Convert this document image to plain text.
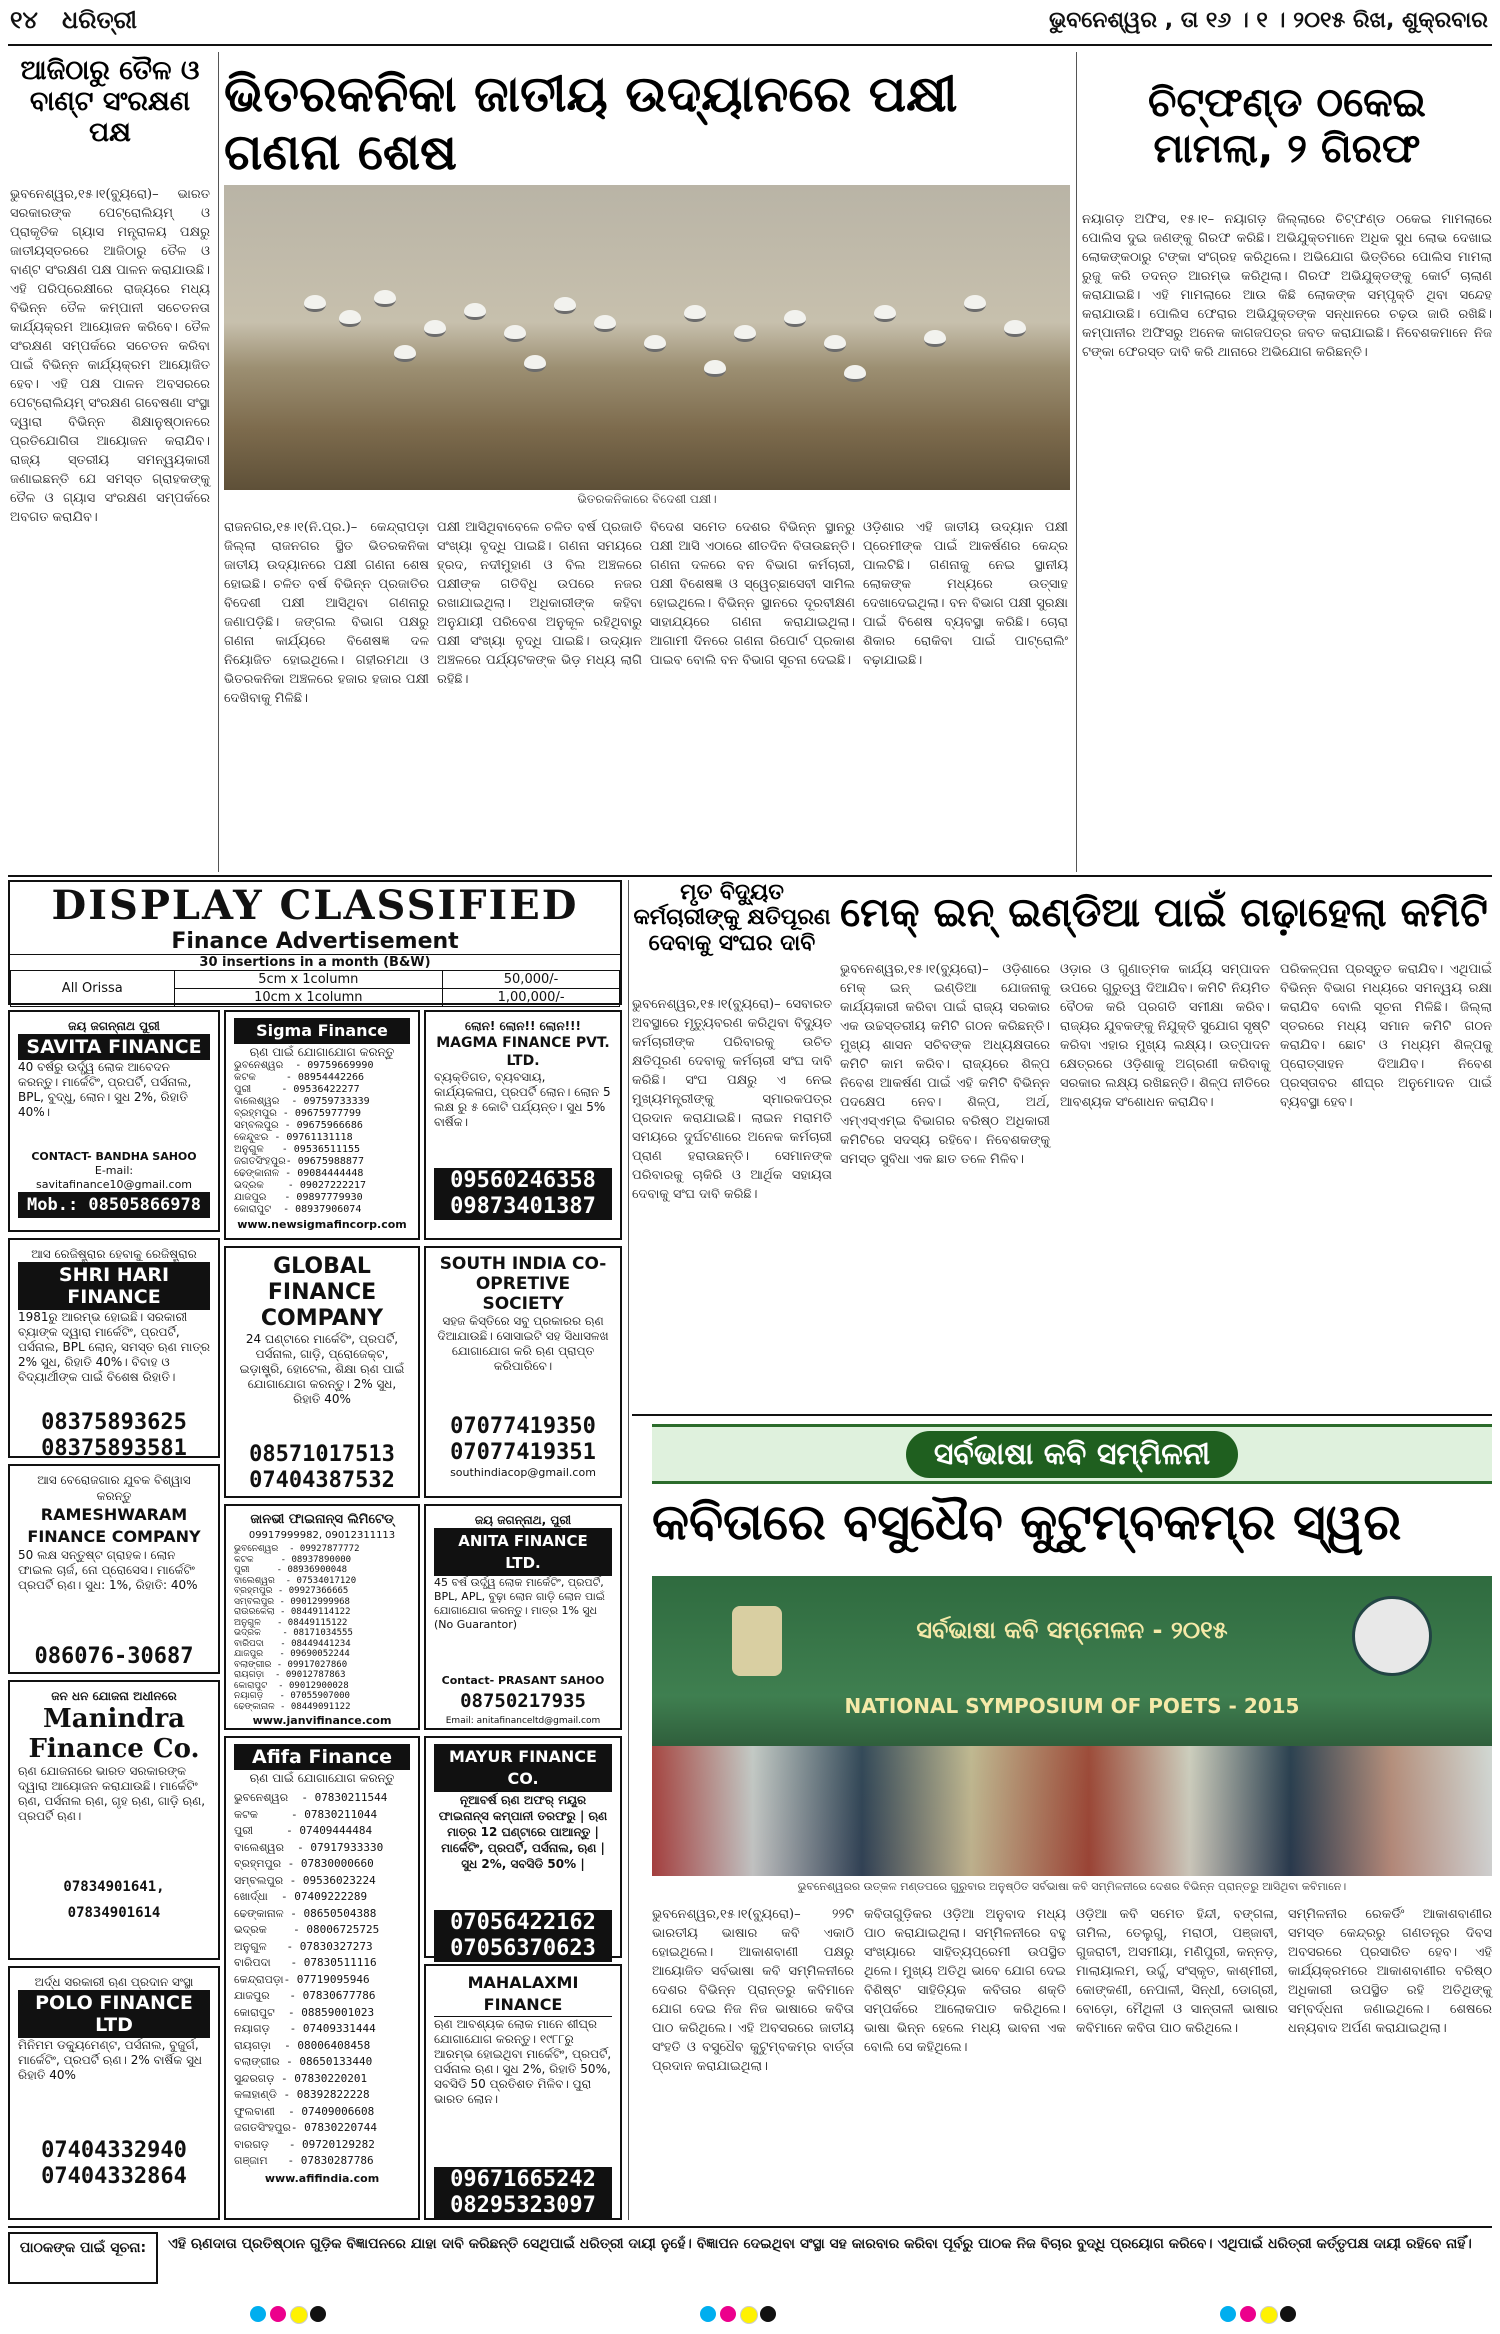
୧୪ ଧରିତ୍ରୀ	ଭୁବନେଶ୍ୱର , ତା ୧୬ । ୧ । ୨୦୧୫ ରିଖ, ଶୁକ୍ରବାର
ଆଜିଠାରୁ ତୈଳ ଓ ବାଣ୍ଟ ସଂରକ୍ଷଣ ପକ୍ଷ
ଭୁବନେଶ୍ୱର,୧୫।୧(ବ୍ୟୁରୋ)– ଭାରତ ସରକାରଙ୍କ ପେଟ୍ରୋଲିୟମ୍ ଓ ପ୍ରାକୃତିକ ଗ୍ୟାସ ମନ୍ତ୍ରାଳୟ ପକ୍ଷରୁ ଜାତୀୟସ୍ତରରେ ଆଜିଠାରୁ ତୈଳ ଓ ବାଣ୍ଟ ସଂରକ୍ଷଣ ପକ୍ଷ ପାଳନ କରାଯାଉଛି। ଏହି ପରିପ୍ରେକ୍ଷୀରେ ରାଜ୍ୟରେ ମଧ୍ୟ ବିଭିନ୍ନ ତୈଳ କମ୍ପାନୀ ସଚେତନତା କାର୍ଯ୍ୟକ୍ରମ ଆୟୋଜନ କରିବେ। ତୈଳ ସଂରକ୍ଷଣ ସମ୍ପର୍କରେ ସଚେତନ କରିବା ପାଇଁ ବିଭିନ୍ନ କାର୍ଯ୍ୟକ୍ରମ ଆୟୋଜିତ ହେବ। ଏହି ପକ୍ଷ ପାଳନ ଅବସରରେ ପେଟ୍ରୋଲିୟମ୍ ସଂରକ୍ଷଣ ଗବେଷଣା ସଂସ୍ଥା ଦ୍ୱାରା ବିଭିନ୍ନ ଶିକ୍ଷାନୁଷ୍ଠାନରେ ପ୍ରତିଯୋଗିତା ଆୟୋଜନ କରାଯିବ। ରାଜ୍ୟ ସ୍ତରୀୟ ସମନ୍ୱୟକାରୀ ଜଣାଇଛନ୍ତି ଯେ ସମସ୍ତ ଗ୍ରାହକଙ୍କୁ ତୈଳ ଓ ଗ୍ୟାସ ସଂରକ୍ଷଣ ସମ୍ପର୍କରେ ଅବଗତ କରାଯିବ।
ଭିତରକନିକା ଜାତୀୟ ଉଦ୍ୟାନରେ ପକ୍ଷୀ ଗଣନା ଶେଷ
ଭିତରକନିକାରେ ବିଦେଶୀ ପକ୍ଷୀ।
ରାଜନଗର,୧୫।୧(ନି.ପ୍ର.)– କେନ୍ଦ୍ରାପଡ଼ା ଜିଲ୍ଲା ରାଜନଗର ସ୍ଥିତ ଭିତରକନିକା ଜାତୀୟ ଉଦ୍ୟାନରେ ପକ୍ଷୀ ଗଣନା ଶେଷ ହୋଇଛି। ଚଳିତ ବର୍ଷ ବିଭିନ୍ନ ପ୍ରଜାତିର ବିଦେଶୀ ପକ୍ଷୀ ଆସିଥିବା ଗଣନାରୁ ଜଣାପଡ଼ିଛି। ଜଙ୍ଗଲ ବିଭାଗ ପକ୍ଷରୁ ଗଣନା କାର୍ଯ୍ୟରେ ବିଶେଷଜ୍ଞ ଦଳ ନିୟୋଜିତ ହୋଇଥିଲେ। ଗହୀରମଥା ଓ ଭିତରକନିକା ଅଞ୍ଚଳରେ ହଜାର ହଜାର ପକ୍ଷୀ ଦେଖିବାକୁ ମିଳିଛି।
ପକ୍ଷୀ ଆସିଥିବାବେଳେ ଚଳିତ ବର୍ଷ ପ୍ରଜାତି ସଂଖ୍ୟା ବୃଦ୍ଧି ପାଇଛି। ଗଣନା ସମୟରେ ହ୍ରଦ, ନଦୀମୁହାଣ ଓ ବିଲ ଅଞ୍ଚଳରେ ପକ୍ଷୀଙ୍କ ଗତିବିଧି ଉପରେ ନଜର ରଖାଯାଇଥିଲା। ଅଧିକାରୀଙ୍କ କହିବା ଅନୁଯାୟୀ ପରିବେଶ ଅନୁକୂଳ ରହିଥିବାରୁ ପକ୍ଷୀ ସଂଖ୍ୟା ବୃଦ୍ଧି ପାଇଛି। ଉଦ୍ୟାନ ଅଞ୍ଚଳରେ ପର୍ଯ୍ୟଟକଙ୍କ ଭିଡ଼ ମଧ୍ୟ ଲାଗି ରହିଛି।
ବିଦେଶ ସମେତ ଦେଶର ବିଭିନ୍ନ ସ୍ଥାନରୁ ପକ୍ଷୀ ଆସି ଏଠାରେ ଶୀତଦିନ ବିତାଉଛନ୍ତି। ଗଣନା ଦଳରେ ବନ ବିଭାଗ କର୍ମଚାରୀ, ପକ୍ଷୀ ବିଶେଷଜ୍ଞ ଓ ସ୍ୱେଚ୍ଛାସେବୀ ସାମିଲ ହୋଇଥିଲେ। ବିଭିନ୍ନ ସ୍ଥାନରେ ଦୂରବୀକ୍ଷଣ ସାହାଯ୍ୟରେ ଗଣନା କରାଯାଇଥିଲା। ଆଗାମୀ ଦିନରେ ଗଣନା ରିପୋର୍ଟ ପ୍ରକାଶ ପାଇବ ବୋଲି ବନ ବିଭାଗ ସୂଚନା ଦେଇଛି।
ଓଡ଼ିଶାର ଏହି ଜାତୀୟ ଉଦ୍ୟାନ ପକ୍ଷୀ ପ୍ରେମୀଙ୍କ ପାଇଁ ଆକର୍ଷଣର କେନ୍ଦ୍ର ପାଲଟିଛି। ଗଣନାକୁ ନେଇ ସ୍ଥାନୀୟ ଲୋକଙ୍କ ମଧ୍ୟରେ ଉତ୍ସାହ ଦେଖାଦେଇଥିଲା। ବନ ବିଭାଗ ପକ୍ଷୀ ସୁରକ୍ଷା ପାଇଁ ବିଶେଷ ବ୍ୟବସ୍ଥା କରିଛି। ଚୋରା ଶିକାର ରୋକିବା ପାଇଁ ପାଟ୍ରୋଲିଂ ବଢ଼ାଯାଇଛି।
ଚିଟ୍‌ଫଣ୍ଡ ଠକେଇ ମାମଲା, ୨ ଗିରଫ
ନୟାଗଡ଼ ଅଫିସ, ୧୫।୧– ନୟାଗଡ଼ ଜିଲ୍ଲାରେ ଚିଟ୍‌ଫଣ୍ଡ ଠକେଇ ମାମଲାରେ ପୋଲିସ ଦୁଇ ଜଣଙ୍କୁ ଗିରଫ କରିଛି। ଅଭିଯୁକ୍ତମାନେ ଅଧିକ ସୁଧ ଲୋଭ ଦେଖାଇ ଲୋକଙ୍କଠାରୁ ଟଙ୍କା ସଂଗ୍ରହ କରିଥିଲେ। ଅଭିଯୋଗ ଭିତ୍ତିରେ ପୋଲିସ ମାମଲା ରୁଜୁ କରି ତଦନ୍ତ ଆରମ୍ଭ କରିଥିଲା। ଗିରଫ ଅଭିଯୁକ୍ତଙ୍କୁ କୋର୍ଟ ଚାଲାଣ କରାଯାଇଛି। ଏହି ମାମଲାରେ ଆଉ କିଛି ଲୋକଙ୍କ ସମ୍ପୃକ୍ତି ଥିବା ସନ୍ଦେହ କରାଯାଉଛି। ପୋଲିସ ଫେରାର ଅଭିଯୁକ୍ତଙ୍କ ସନ୍ଧାନରେ ଚଢ଼ଉ ଜାରି ରଖିଛି। କମ୍ପାନୀର ଅଫିସରୁ ଅନେକ କାଗଜପତ୍ର ଜବତ କରାଯାଇଛି। ନିବେଶକମାନେ ନିଜ ଟଙ୍କା ଫେରସ୍ତ ଦାବି କରି ଥାନାରେ ଅଭିଯୋଗ କରିଛନ୍ତି।
DISPLAY CLASSIFIED
Finance Advertisement
30 insertions in a month (B&W)
All Orissa	5cm x 1column	50,000/-
	10cm x 1column	1,00,000/-
ମୃତ ବିଦ୍ୟୁତ କର୍ମଚାରୀଙ୍କୁ କ୍ଷତିପୂରଣ ଦେବାକୁ ସଂଘର ଦାବି
ଭୁବନେଶ୍ୱର,୧୫।୧(ବ୍ୟୁରୋ)– ସେବାରତ ଅବସ୍ଥାରେ ମୃତ୍ୟୁବରଣ କରିଥିବା ବିଦ୍ୟୁତ କର୍ମଚାରୀଙ୍କ ପରିବାରକୁ ଉଚିତ କ୍ଷତିପୂରଣ ଦେବାକୁ କର୍ମଚାରୀ ସଂଘ ଦାବି କରିଛି। ସଂଘ ପକ୍ଷରୁ ଏ ନେଇ ମୁଖ୍ୟମନ୍ତ୍ରୀଙ୍କୁ ସ୍ମାରକପତ୍ର ପ୍ରଦାନ କରାଯାଇଛି। ଲାଇନ ମରାମତି ସମୟରେ ଦୁର୍ଘଟଣାରେ ଅନେକ କର୍ମଚାରୀ ପ୍ରାଣ ହରାଉଛନ୍ତି। ସେମାନଙ୍କ ପରିବାରକୁ ଚାକିରି ଓ ଆର୍ଥିକ ସହାୟତା ଦେବାକୁ ସଂଘ ଦାବି କରିଛି।
ମେକ୍ ଇନ୍ ଇଣ୍ଡିଆ ପାଇଁ ଗଢ଼ାହେଲା କମିଟି
ଭୁବନେଶ୍ୱର,୧୫।୧(ବ୍ୟୁରୋ)– ଓଡ଼ିଶାରେ ମେକ୍ ଇନ୍ ଇଣ୍ଡିଆ ଯୋଜନାକୁ କାର୍ଯ୍ୟକାରୀ କରିବା ପାଇଁ ରାଜ୍ୟ ସରକାର ଏକ ଉଚ୍ଚସ୍ତରୀୟ କମିଟି ଗଠନ କରିଛନ୍ତି। ମୁଖ୍ୟ ଶାସନ ସଚିବଙ୍କ ଅଧ୍ୟକ୍ଷତାରେ କମିଟି କାମ କରିବ। ରାଜ୍ୟରେ ଶିଳ୍ପ ନିବେଶ ଆକର୍ଷଣ ପାଇଁ ଏହି କମିଟି ବିଭିନ୍ନ ପଦକ୍ଷେପ ନେବ। ଶିଳ୍ପ, ଅର୍ଥ, ଏମ୍‌ଏସ୍‌ଏମ୍‌ଇ ବିଭାଗର ବରିଷ୍ଠ ଅଧିକାରୀ କମିଟିରେ ସଦସ୍ୟ ରହିବେ। ନିବେଶକଙ୍କୁ ସମସ୍ତ ସୁବିଧା ଏକ ଛାତ ତଳେ ମିଳିବ।
ଓଡ଼ାର ଓ ଗୁଣାତ୍ମକ କାର୍ଯ୍ୟ ସମ୍ପାଦନ ଉପରେ ଗୁରୁତ୍ୱ ଦିଆଯିବ। କମିଟି ନିୟମିତ ବୈଠକ କରି ପ୍ରଗତି ସମୀକ୍ଷା କରିବ। ରାଜ୍ୟର ଯୁବକଙ୍କୁ ନିଯୁକ୍ତି ସୁଯୋଗ ସୃଷ୍ଟି କରିବା ଏହାର ମୁଖ୍ୟ ଲକ୍ଷ୍ୟ। ଉତ୍ପାଦନ କ୍ଷେତ୍ରରେ ଓଡ଼ିଶାକୁ ଅଗ୍ରଣୀ କରିବାକୁ ସରକାର ଲକ୍ଷ୍ୟ ରଖିଛନ୍ତି। ଶିଳ୍ପ ନୀତିରେ ଆବଶ୍ୟକ ସଂଶୋଧନ କରାଯିବ।
ପରିକଳ୍ପନା ପ୍ରସ୍ତୁତ କରାଯିବ। ଏଥିପାଇଁ ବିଭିନ୍ନ ବିଭାଗ ମଧ୍ୟରେ ସମନ୍ୱୟ ରକ୍ଷା କରାଯିବ ବୋଲି ସୂଚନା ମିଳିଛି। ଜିଲ୍ଲା ସ୍ତରରେ ମଧ୍ୟ ସମାନ କମିଟି ଗଠନ କରାଯିବ। ଛୋଟ ଓ ମଧ୍ୟମ ଶିଳ୍ପକୁ ପ୍ରୋତ୍ସାହନ ଦିଆଯିବ। ନିବେଶ ପ୍ରସ୍ତାବର ଶୀଘ୍ର ଅନୁମୋଦନ ପାଇଁ ବ୍ୟବସ୍ଥା ହେବ।
ଜୟ ଜଗନ୍ନାଥ ପୁରୀ
SAVITA FINANCE
40 ବର୍ଷରୁ ଉର୍ଦ୍ଧ୍ୱ ଲୋକ ଆବେଦନ କରନ୍ତୁ। ମାର୍କେଟିଂ, ପ୍ରପର୍ଟି, ପର୍ସନାଲ, BPL, ବୁଦ୍ଧୁ, ଲୋନ। ସୁଧ 2%, ରିହାତି 40%।
CONTACT- BANDHA SAHOO
E-mail: savitafinance10@gmail.com
Mob.: 08505866978
ଆସ ରେଜିଷ୍ଟ୍ରାର ହେବାକୁ ରେଜିଷ୍ଟ୍ରାର
SHRI HARI FINANCE
1981ରୁ ଆରମ୍ଭ ହୋଇଛି। ସରକାରୀ ବ୍ୟାଙ୍କ ଦ୍ୱାରା ମାର୍କେଟିଂ, ପ୍ରପର୍ଟି, ପର୍ସନାଲ, BPL ଲୋନ୍, ସମସ୍ତ ଋଣ ମାତ୍ର 2% ସୁଧ, ରିହାତି 40%। ବିବାହ ଓ ବିଦ୍ୟାର୍ଥୀଙ୍କ ପାଇଁ ବିଶେଷ ରିହାତି।
08375893625
08375893581
ଆସ ବେରୋଜଗାର ଯୁବକ ବିଶ୍ୱାସ କରନ୍ତୁ
RAMESHWARAM FINANCE COMPANY
50 ଲକ୍ଷ ସନ୍ତୁଷ୍ଟ ଗ୍ରାହକ। ଲୋନ ଫାଇଲ ଚାର୍ଜ, ନୋ ପ୍ରୋସେସ। ମାର୍କେଟିଂ ପ୍ରପର୍ଟି ଋଣ। ସୁଧ: 1%, ରିହାତି: 40%
086076-30687
ଜନ ଧନ ଯୋଜନା ଅଧୀନରେ
Manindra Finance Co.
ଋଣ ଯୋଜନାରେ ଭାରତ ସରକାରଙ୍କ ଦ୍ୱାରା ଆୟୋଜନ କରାଯାଉଛି। ମାର୍କେଟିଂ ଋଣ, ପର୍ସନାଲ ଋଣ, ଗୃହ ଋଣ, ଗାଡ଼ି ଋଣ, ପ୍ରପର୍ଟି ଋଣ।
07834901641, 07834901614
ଅର୍ଦ୍ଧ ସରକାରୀ ଋଣ ପ୍ରଦାନ ସଂସ୍ଥା
POLO FINANCE LTD
ମିନିମମ ଡକ୍ୟୁମେଣ୍ଟ, ପର୍ସନାଲ, ବୁଜୁର୍ଗ, ମାର୍କେଟିଂ, ପ୍ରପର୍ଟି ଋଣ। 2% ବାର୍ଷିକ ସୁଧ ରିହାତି 40%
07404332940
07404332864
Sigma Finance
ଋଣ ପାଇଁ ଯୋଗାଯୋଗ କରନ୍ତୁ
ଭୁବନେଶ୍ୱର  - 09759669990
କଟକ     - 08954442266
ପୁରୀ     - 09536422277
ବାଲେଶ୍ୱର  - 09759733339
ବ୍ରହ୍ମପୁର - 09675977799
ସମ୍ବଲପୁର - 09675966686
କେନ୍ଦୁଝର - 09761131118
ଅନୁଗୁଳ   - 09536511155
ଜଗତସିଂହପୁର- 09675988877
ଢେଙ୍କାନାଳ - 09084444448
ଭଦ୍ରକ    - 09027222217
ଯାଜପୁର   - 09897779930
କୋରାପୁଟ  - 08937906074
www.newsigmafincorp.com
GLOBAL FINANCE COMPANY
24 ଘଣ୍ଟାରେ ମାର୍କେଟିଂ, ପ୍ରପର୍ଟି, ପର୍ସନାଲ, ଗାଡ଼ି, ପ୍ରୋଜେକ୍ଟ, ଇଡ଼ାଷ୍ଟ୍ରି, ହୋଟେଲ, ଶିକ୍ଷା ଋଣ ପାଇଁ ଯୋଗାଯୋଗ କରନ୍ତୁ। 2% ସୁଧ, ରିହାତି 40%
08571017513
07404387532
ଜାନଭୀ ଫାଇନାନ୍ସ ଲିମିଟେଡ୍
09917999982, 09012311113
ଭୁବନେଶ୍ୱର  - 09927877772
କଟକ     - 08937890000
ପୁରୀ     - 08936900048
ବାଲେଶ୍ୱର  - 07534017120
ବ୍ରହ୍ମପୁର - 09927366665
ସମ୍ବଲପୁର - 09012999968
ରାଉରକେଲା - 08449114122
ଅନୁଗୁଳ   - 08449115122
ଭଦ୍ରକ    - 08171034555
ବାରିପଦା   - 08449441234
ଯାଜପୁର   - 09690052244
ବଲାଙ୍ଗୀର - 09917027860
ରାୟଗଡ଼ା  - 09012787863
କୋରାପୁଟ  - 09012900028
ନୟାଗଡ଼   - 07055907000
ଢେଙ୍କାନାଳ - 08449091122
www.janvifinance.com
Afifa Finance
ଋଣ ପାଇଁ ଯୋଗାଯୋଗ କରନ୍ତୁ
ଭୁବନେଶ୍ୱର  - 07830211544
କଟକ     - 07830211044
ପୁରୀ     - 07409444484
ବାଲେଶ୍ୱର  - 07917933330
ବ୍ରହ୍ମପୁର - 07830000660
ସମ୍ବଲପୁର - 09536023224
ଖୋର୍ଦ୍ଧା  - 07409222289
ଢେଙ୍କାନାଳ - 08650504388
ଭଦ୍ରକ    - 08006725725
ଅନୁଗୁଳ   - 07830327273
ବାରିପଦା   - 07830511116
କେନ୍ଦ୍ରାପଡ଼ା- 07719095946
ଯାଜପୁର   - 07830677786
କୋରାପୁଟ  - 08859001023
ନୟାଗଡ଼   - 07409331444
ରାୟଗଡ଼ା  - 08006408458
ବଲାଙ୍ଗୀର - 08650133440
ସୁନ୍ଦରଗଡ଼ - 07830220201
କଳାହାଣ୍ଡି - 08392822228
ଫୁଲବାଣୀ  - 07409006608
ଜଗତସିଂହପୁର- 07830220744
ବାରଗଡ଼   - 09720129282
ଗଞ୍ଜାମ   - 07830287786
www.afifindia.com
ଲୋନ! ଲୋନ!! ଲୋନ!!!
MAGMA FINANCE PVT. LTD.
ବ୍ୟକ୍ତିଗତ, ବ୍ୟବସାୟ, କାର୍ଯ୍ୟକଳାପ, ପ୍ରପର୍ଟି ଲୋନ। ଲୋନ 5 ଲକ୍ଷ ରୁ ୫ କୋଟି ପର୍ଯ୍ୟନ୍ତ। ସୁଧ 5% ବାର୍ଷିକ।
09560246358
09873401387
SOUTH INDIA CO-OPRETIVE SOCIETY
ସହଜ କିସ୍ତିରେ ସବୁ ପ୍ରକାରର ଋଣ ଦିଆଯାଉଛି। ସୋସାଇଟି ସହ ସିଧାସଳଖ ଯୋଗାଯୋଗ କରି ଋଣ ପ୍ରାପ୍ତ କରିପାରିବେ।
07077419350
07077419351
southindiacop@gmail.com
ଜୟ ଜଗନ୍ନାଥ, ପୁରୀ
ANITA FINANCE LTD.
45 ବର୍ଷ ଉର୍ଦ୍ଧ୍ୱ ଲୋକ ମାର୍କେଟିଂ, ପ୍ରପର୍ଟି, BPL, APL, ବୁଢ଼ା ଲୋନ ଗାଡ଼ି ଲୋନ ପାଇଁ ଯୋଗାଯୋଗ କରନ୍ତୁ। ମାତ୍ର 1% ସୁଧ (No Guarantor)
Contact- PRASANT SAHOO
08750217935
Email: anitafinanceltd@gmail.com
MAYUR FINANCE CO.
ନୂଆବର୍ଷ ଋଣ ଅଫର୍ ମୟୂର ଫାଇନାନ୍ସ କମ୍ପାନୀ ତରଫରୁ | ଋଣ ମାତ୍ର 12 ଘଣ୍ଟାରେ ପାଆନ୍ତୁ | ମାର୍କେଟିଂ, ପ୍ରପର୍ଟି, ପର୍ସନାଲ, ଋଣ | ସୁଧ 2%, ସବସିଡି 50% |
07056422162
07056370623
MAHALAXMI FINANCE
ଋଣ ଆବଶ୍ୟକ ଲୋକ ମାନେ ଶୀଘ୍ର ଯୋଗାଯୋଗ କରନ୍ତୁ। ୧୯୮୮ରୁ ଆରମ୍ଭ ହୋଇଥିବା ମାର୍କେଟିଂ, ପ୍ରପର୍ଟି, ପର୍ସନାଲ ଋଣ। ସୁଧ 2%, ରିହାତି 50%, ସବସିଡି 50 ପ୍ରତିଶତ ମିଳିବ। ପୁରା ଭାରତ ଲୋନ।
09671665242
08295323097
ସର୍ବଭାଷା କବି ସମ୍ମିଳନୀ
କବିତାରେ ବସୁଧୈବ କୁଟୁମ୍ବକମ୍‌ର ସ୍ୱର
ସର୍ବଭାଷା କବି ସମ୍ମେଳନ - ୨୦୧୫
NATIONAL SYMPOSIUM OF POETS - 2015
ଭୁବନେଶ୍ୱରର ଉତ୍କଳ ମଣ୍ଡପରେ ଗୁରୁବାର ଅନୁଷ୍ଠିତ ସର୍ବଭାଷା କବି ସମ୍ମିଳନୀରେ ଦେଶର ବିଭିନ୍ନ ପ୍ରାନ୍ତରୁ ଆସିଥିବା କବିମାନେ।
ଭୁବନେଶ୍ୱର,୧୫।୧(ବ୍ୟୁରୋ)– ୨୨ଟି ଭାରତୀୟ ଭାଷାର କବି ଏକାଠି ହୋଇଥିଲେ। ଆକାଶବାଣୀ ପକ୍ଷରୁ ଆୟୋଜିତ ସର୍ବଭାଷା କବି ସମ୍ମିଳନୀରେ ଦେଶର ବିଭିନ୍ନ ପ୍ରାନ୍ତରୁ କବିମାନେ ଯୋଗ ଦେଇ ନିଜ ନିଜ ଭାଷାରେ କବିତା ପାଠ କରିଥିଲେ। ଏହି ଅବସରରେ ଜାତୀୟ ସଂହତି ଓ ବସୁଧୈବ କୁଟୁମ୍ବକମ୍‌ର ବାର୍ତ୍ତା ପ୍ରଦାନ କରାଯାଇଥିଲା।
କବିତାଗୁଡ଼ିକର ଓଡ଼ିଆ ଅନୁବାଦ ମଧ୍ୟ ପାଠ କରାଯାଇଥିଲା। ସମ୍ମିଳନୀରେ ବହୁ ସଂଖ୍ୟାରେ ସାହିତ୍ୟପ୍ରେମୀ ଉପସ୍ଥିତ ଥିଲେ। ମୁଖ୍ୟ ଅତିଥି ଭାବେ ଯୋଗ ଦେଇ ବିଶିଷ୍ଟ ସାହିତ୍ୟିକ କବିତାର ଶକ୍ତି ସମ୍ପର୍କରେ ଆଲୋକପାତ କରିଥିଲେ। ଭାଷା ଭିନ୍ନ ହେଲେ ମଧ୍ୟ ଭାବନା ଏକ ବୋଲି ସେ କହିଥିଲେ।
ଓଡ଼ିଆ କବି ସମେତ ହିନ୍ଦୀ, ବଙ୍ଗଳା, ତାମିଲ, ତେଲୁଗୁ, ମରାଠୀ, ପଞ୍ଜାବୀ, ଗୁଜରାଟୀ, ଅସମୀୟା, ମଣିପୁରୀ, କନ୍ନଡ଼, ମାଲାୟାଲମ, ଉର୍ଦ୍ଦୁ, ସଂସ୍କୃତ, କାଶ୍ମୀରୀ, କୋଙ୍କଣୀ, ନେପାଳୀ, ସିନ୍ଧୀ, ଡୋଗ୍ରୀ, ବୋଡ଼ୋ, ମୈଥିଳୀ ଓ ସାନ୍ତାଳୀ ଭାଷାର କବିମାନେ କବିତା ପାଠ କରିଥିଲେ।
ସମ୍ମିଳନୀର ରେକର୍ଡିଂ ଆକାଶବାଣୀର ସମସ୍ତ କେନ୍ଦ୍ରରୁ ଗଣତନ୍ତ୍ର ଦିବସ ଅବସରରେ ପ୍ରସାରିତ ହେବ। ଏହି କାର୍ଯ୍ୟକ୍ରମରେ ଆକାଶବାଣୀର ବରିଷ୍ଠ ଅଧିକାରୀ ଉପସ୍ଥିତ ରହି ଅତିଥିଙ୍କୁ ସମ୍ବର୍ଦ୍ଧନା ଜଣାଇଥିଲେ। ଶେଷରେ ଧନ୍ୟବାଦ ଅର୍ପଣ କରାଯାଇଥିଲା।
ପାଠକଙ୍କ ପାଇଁ ସୂଚନା:	ଏହି ଋଣଦାତା ପ୍ରତିଷ୍ଠାନ ଗୁଡ଼ିକ ବିଜ୍ଞାପନରେ ଯାହା ଦାବି କରିଛନ୍ତି ସେଥିପାଇଁ ଧରିତ୍ରୀ ଦାୟୀ ନୁହେଁ। ବିଜ୍ଞାପନ ଦେଇଥିବା ସଂସ୍ଥା ସହ କାରବାର କରିବା ପୂର୍ବରୁ ପାଠକ ନିଜ ବିଚାର ବୁଦ୍ଧି ପ୍ରୟୋଗ କରିବେ। ଏଥିପାଇଁ ଧରିତ୍ରୀ କର୍ତ୍ତୃପକ୍ଷ ଦାୟୀ ରହିବେ ନାହିଁ।
